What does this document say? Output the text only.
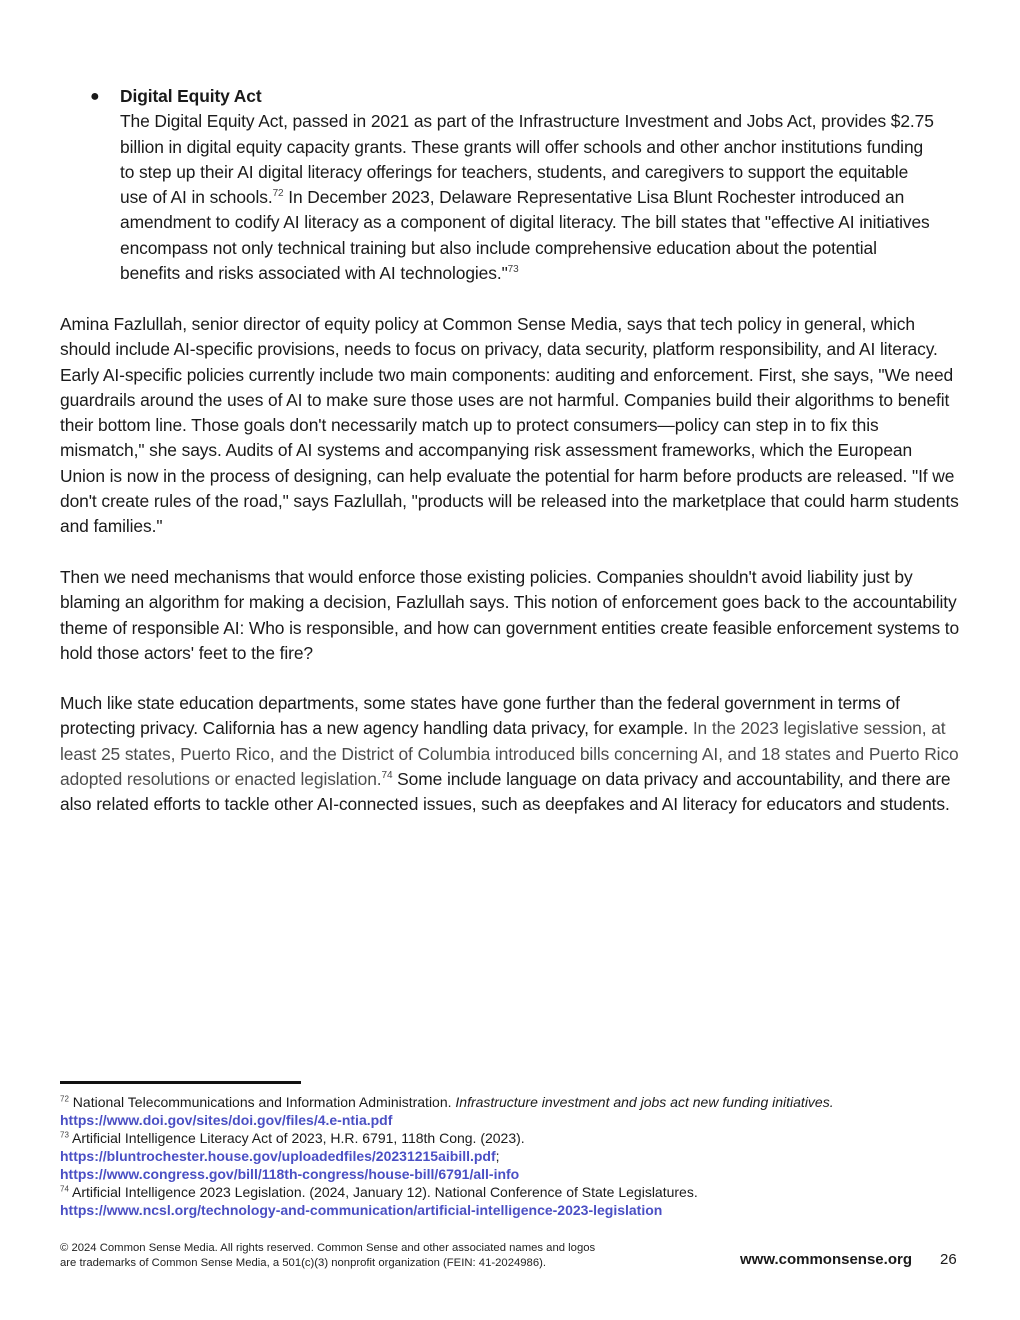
● Digital Equity Act
The Digital Equity Act, passed in 2021 as part of the Infrastructure Investment and Jobs Act, provides $2.75 billion in digital equity capacity grants. These grants will offer schools and other anchor institutions funding to step up their AI digital literacy offerings for teachers, students, and caregivers to support the equitable use of AI in schools.$^{72}$ In December 2023, Delaware Representative Lisa Blunt Rochester introduced an amendment to codify AI literacy as a component of digital literacy. The bill states that "effective AI initiatives encompass not only technical training but also include comprehensive education about the potential benefits and risks associated with AI technologies."$^{73}$

Amina Fazlullah, senior director of equity policy at Common Sense Media, says that tech policy in general, which should include AI-specific provisions, needs to focus on privacy, data security, platform responsibility, and AI literacy. Early AI-specific policies currently include two main components: auditing and enforcement. First, she says, "We need guardrails around the uses of AI to make sure those uses are not harmful. Companies build their algorithms to benefit their bottom line. Those goals don't necessarily match up to protect consumers—policy can step in to fix this mismatch," she says. Audits of AI systems and accompanying risk assessment frameworks, which the European Union is now in the process of designing, can help evaluate the potential for harm before products are released. "If we don't create rules of the road," says Fazlullah, "products will be released into the marketplace that could harm students and families."

Then we need mechanisms that would enforce those existing policies. Companies shouldn't avoid liability just by blaming an algorithm for making a decision, Fazlullah says. This notion of enforcement goes back to the accountability theme of responsible AI: Who is responsible, and how can government entities create feasible enforcement systems to hold those actors' feet to the fire?

Much like state education departments, some states have gone further than the federal government in terms of protecting privacy. California has a new agency handling data privacy, for example. In the 2023 legislative session, at least 25 states, Puerto Rico, and the District of Columbia introduced bills concerning AI, and 18 states and Puerto Rico adopted resolutions or enacted legislation.$^{74}$ Some include language on data privacy and accountability, and there are also related efforts to tackle other AI-connected issues, such as deepfakes and AI literacy for educators and students.

$^{72}$ National Telecommunications and Information Administration. Infrastructure investment and jobs act new funding initiatives.
https://www.doi.gov/sites/doi.gov/files/4.e-ntia.pdf
$^{73}$ Artificial Intelligence Literacy Act of 2023, H.R. 6791, 118th Cong. (2023).
https://bluntrochester.house.gov/uploadedfiles/20231215aibill.pdf;
https://www.congress.gov/bill/118th-congress/house-bill/6791/all-info
$^{74}$ Artificial Intelligence 2023 Legislation. (2024, January 12). National Conference of State Legislatures.
https://www.ncsl.org/technology-and-communication/artificial-intelligence-2023-legislation
© 2024 Common Sense Media. All rights reserved. Common Sense and other associated names and logos
are trademarks of Common Sense Media, a 501(c)(3) nonprofit organization (FEIN: 41-2024986).	www.commonsense.org 26
